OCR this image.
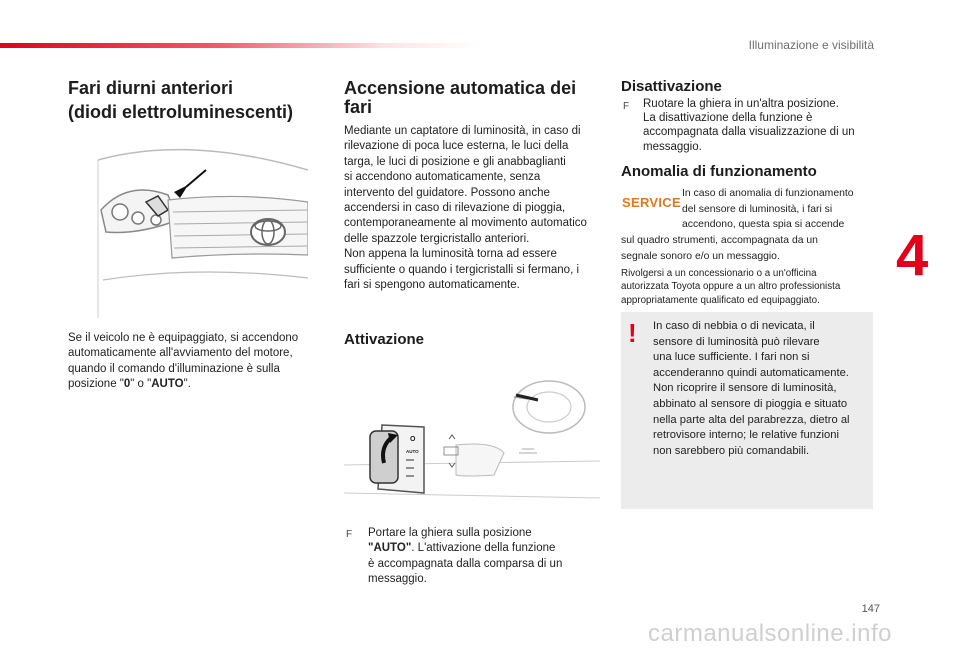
Illuminazione e visibilità
4
147
Fari diurni anteriori
(diodi elettroluminescenti)
Se il veicolo ne è equipaggiato, si accendono
automaticamente all'avviamento del motore,
quando il comando d'illuminazione è sulla
posizione "0" o "AUTO".
Accensione automatica dei
fari
Mediante un captatore di luminosità, in caso di
rilevazione di poca luce esterna, le luci della
targa, le luci di posizione e gli anabbaglianti
si accendono automaticamente, senza
intervento del guidatore. Possono anche
accendersi in caso di rilevazione di pioggia,
contemporaneamente al movimento automatico
delle spazzole tergicristallo anteriori.
Non appena la luminosità torna ad essere
sufficiente o quando i tergicristalli si fermano, i
fari si spengono automaticamente.
Attivazione
O
AUTO
F Portare la ghiera sulla posizione
"AUTO". L'attivazione della funzione
è accompagnata dalla comparsa di un
messaggio.
Disattivazione
F Ruotare la ghiera in un'altra posizione.
La disattivazione della funzione è
accompagnata dalla visualizzazione di un
messaggio.
Anomalia di funzionamento
SERVICE
In caso di anomalia di funzionamento
del sensore di luminosità, i fari si
accendono, questa spia si accende
sul quadro strumenti, accompagnata da un
segnale sonoro e/o un messaggio.
Rivolgersi a un concessionario o a un'officina
autorizzata Toyota oppure a un altro professionista
appropriatamente qualificato ed equipaggiato.
! In caso di nebbia o di nevicata, il
sensore di luminosità può rilevare
una luce sufficiente. I fari non si
accenderanno quindi automaticamente.
Non ricoprire il sensore di luminosità,
abbinato al sensore di pioggia e situato
nella parte alta del parabrezza, dietro al
retrovisore interno; le relative funzioni
non sarebbero più comandabili.
carmanualsonline.info
